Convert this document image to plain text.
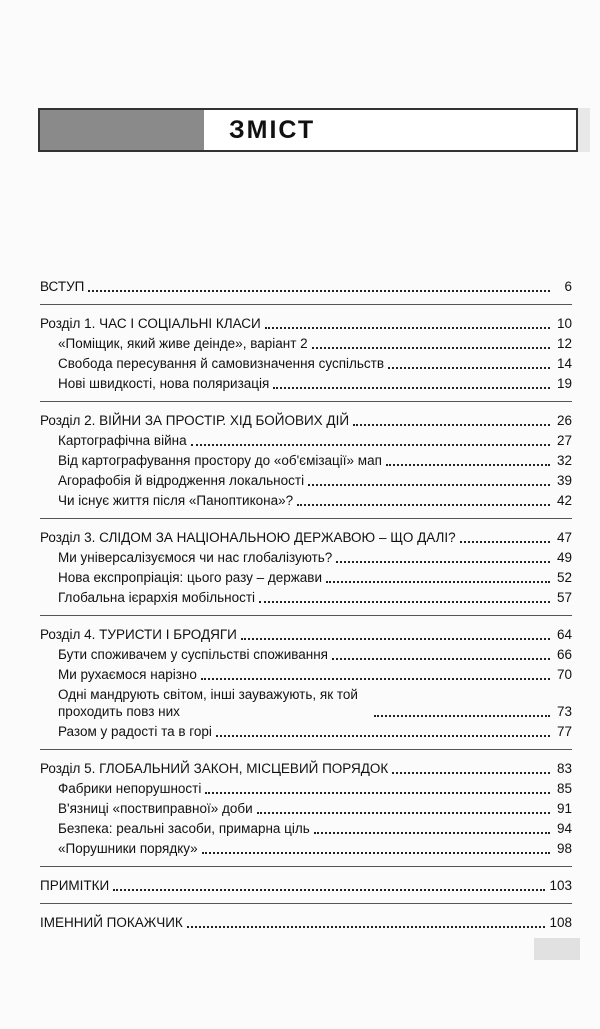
ЗМІСТ
ВСТУП	6
Розділ 1. ЧАС І СОЦІАЛЬНІ КЛАСИ	10
«Поміщик, який живе деінде», варіант 2	12
Свобода пересування й самовизначення суспільств	14
Нові швидкості, нова поляризація	19
Розділ 2. ВІЙНИ ЗА ПРОСТІР. ХІД БОЙОВИХ ДІЙ	26
Картографічна війна	27
Від картографування простору до «об'ємізації» мап	32
Агорафобія й відродження локальності	39
Чи існує життя після «Паноптикона»?	42
Розділ 3. СЛІДОМ ЗА НАЦІОНАЛЬНОЮ ДЕРЖАВОЮ – ЩО ДАЛІ?	47
Ми універсалізуємося чи нас глобалізують?	49
Нова експропріація: цього разу – держави	52
Глобальна ієрархія мобільності	57
Розділ 4. ТУРИСТИ І БРОДЯГИ	64
Бути споживачем у суспільстві споживання	66
Ми рухаємося нарізно	70
Одні мандрують світом, інші зауважують, як той проходить повз них	73
Разом у радості та в горі	77
Розділ 5. ГЛОБАЛЬНИЙ ЗАКОН, МІСЦЕВИЙ ПОРЯДОК	83
Фабрики непорушності	85
В'язниці «поствиправної» доби	91
Безпека: реальні засоби, примарна ціль	94
«Порушники порядку»	98
ПРИМІТКИ	103
ІМЕННИЙ ПОКАЖЧИК	108
